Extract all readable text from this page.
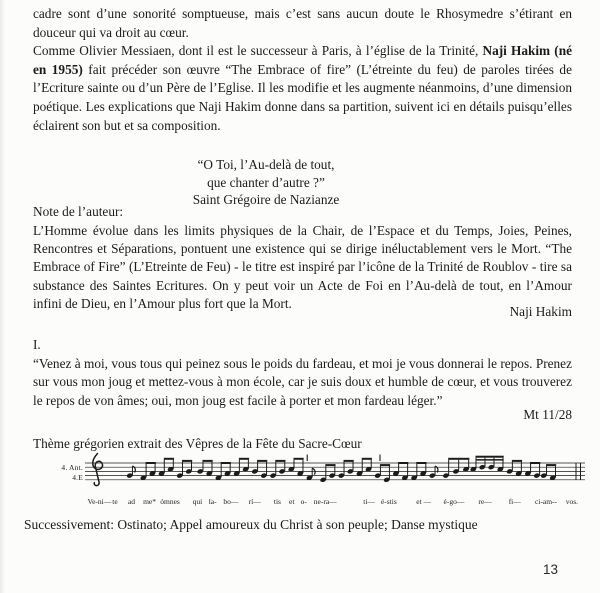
cadre sont d’une sonorité somptueuse, mais c’est sans aucun doute le Rhosymedre s’étirant en douceur qui va droit au cœur.

Comme Olivier Messiaen, dont il est le successeur à Paris, à l’église de la Trinité, Naji Hakim (né en 1955) fait précéder son œuvre “The Embrace of fire” (L’étreinte du feu) de paroles tirées de l’Ecriture sainte ou d’un Père de l’Eglise. Il les modifie et les augmente néanmoins, d’une dimension poétique. Les explications que Naji Hakim donne dans sa partition, suivent ici en détails puisqu’elles éclairent son but et sa composition.

“O Toi, l’Au-delà de tout,
que chanter d’autre ?”
Saint Grégoire de Nazianze
Note de l’auteur:
L’Homme évolue dans les limits physiques de la Chair, de l’Espace et du Temps, Joies, Peines, Rencontres et Séparations, pontuent une existence qui se dirige inéluctablement vers le Mort. “The Embrace of Fire” (L’Etreinte de Feu) - le titre est inspiré par l’icône de la Trinité de Roublov - tire sa substance des Saintes Ecritures. On y peut voir un Acte de Foi en l’Au-delà de tout, en l’Amour infini de Dieu, en l’Amour plus fort que la Mort.
Naji Hakim
I.
“Venez à moi, vous tous qui peinez sous le poids du fardeau, et moi je vous donnerai le repos. Prenez sur vous mon joug et mettez-vous à mon école, car je suis doux et humble de cœur, et vous trouverez le repos de von âmes; oui, mon joug est facile à porter et mon fardeau léger.”
Mt 11/28
Thème grégorien extrait des Vêpres de la Fête du Sacre-Cœur
4. Ant.
4.E
Ve-ni— te ad me* ómnes qui la- bo— rí— tis et o- ne-ra—	ti— é-stis	et — é-go— re— fi— ci-am-- vos.
Successivement: Ostinato; Appel amoureux du Christ à son peuple; Danse mystique
13
